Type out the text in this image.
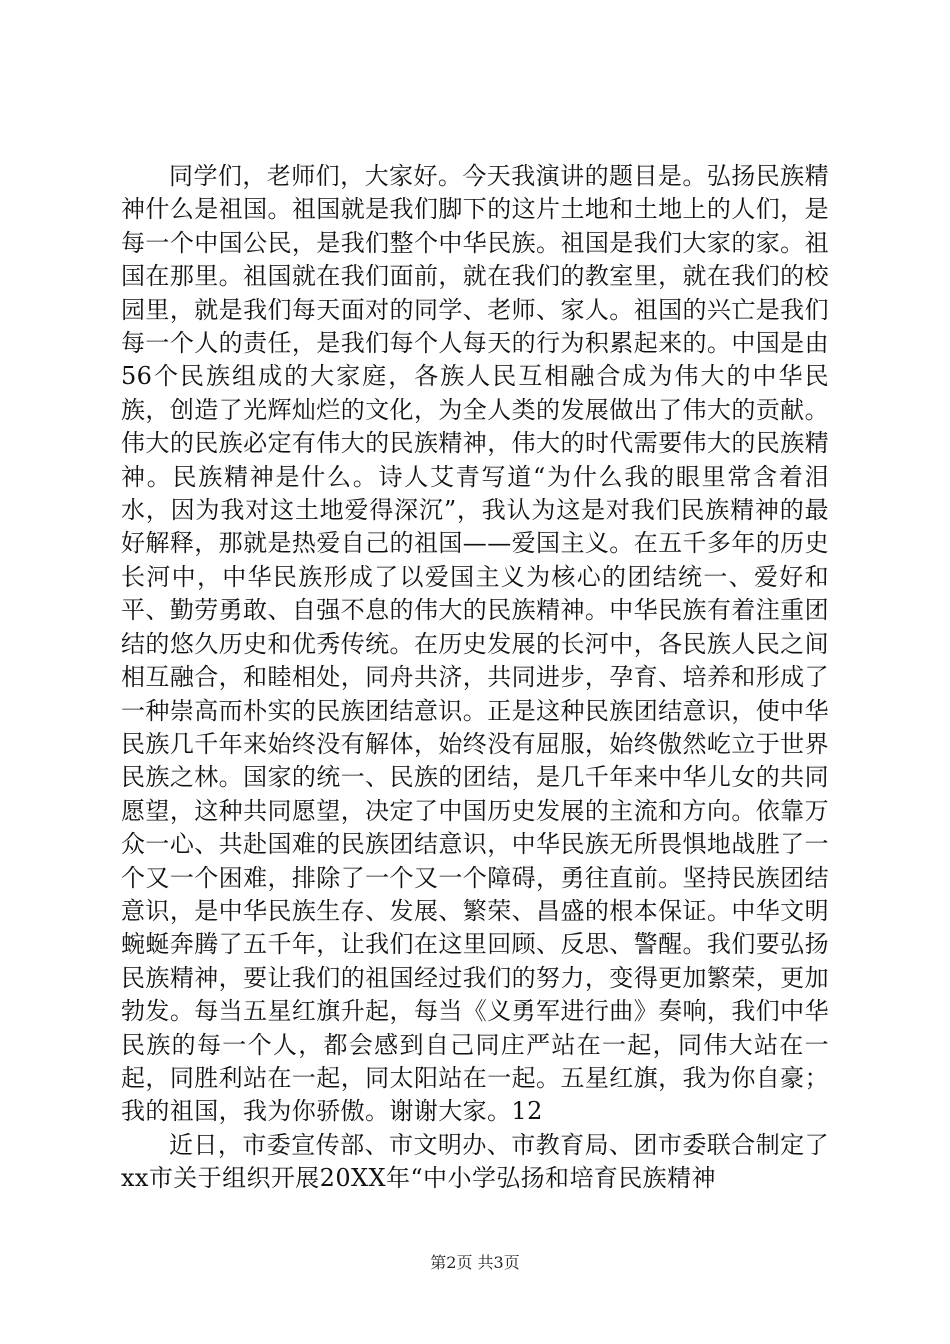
同学们，老师们，大家好。今天我演讲的题目是。弘扬民族精神什么是祖国。祖国就是我们脚下的这片土地和土地上的人们，是每一个中国公民，是我们整个中华民族。祖国是我们大家的家。祖国在那里。祖国就在我们面前，就在我们的教室里，就在我们的校园里，就是我们每天面对的同学、老师、家人。祖国的兴亡是我们每一个人的责任，是我们每个人每天的行为积累起来的。中国是由56个民族组成的大家庭，各族人民互相融合成为伟大的中华民族，创造了光辉灿烂的文化，为全人类的发展做出了伟大的贡献。伟大的民族必定有伟大的民族精神，伟大的时代需要伟大的民族精神。民族精神是什么。诗人艾青写道“为什么我的眼里常含着泪水，因为我对这土地爱得深沉”，我认为这是对我们民族精神的最好解释，那就是热爱自己的祖国——爱国主义。在五千多年的历史长河中，中华民族形成了以爱国主义为核心的团结统一、爱好和平、勤劳勇敢、自强不息的伟大的民族精神。中华民族有着注重团结的悠久历史和优秀传统。在历史发展的长河中，各民族人民之间相互融合，和睦相处，同舟共济，共同进步，孕育、培养和形成了一种崇高而朴实的民族团结意识。正是这种民族团结意识，使中华民族几千年来始终没有解体，始终没有屈服，始终傲然屹立于世界民族之林。国家的统一、民族的团结，是几千年来中华儿女的共同愿望，这种共同愿望，决定了中国历史发展的主流和方向。依靠万众一心、共赴国难的民族团结意识，中华民族无所畏惧地战胜了一个又一个困难，排除了一个又一个障碍，勇往直前。坚持民族团结意识，是中华民族生存、发展、繁荣、昌盛的根本保证。中华文明蜿蜒奔腾了五千年，让我们在这里回顾、反思、警醒。我们要弘扬民族精神，要让我们的祖国经过我们的努力，变得更加繁荣，更加勃发。每当五星红旗升起，每当《义勇军进行曲》奏响，我们中华民族的每一个人，都会感到自己同庄严站在一起，同伟大站在一起，同胜利站在一起，同太阳站在一起。五星红旗，我为你自豪；我的祖国，我为你骄傲。谢谢大家。12

近日，市委宣传部、市文明办、市教育局、团市委联合制定了xx市关于组织开展20XX年“中小学弘扬和培育民族精神

第2页 共3页
